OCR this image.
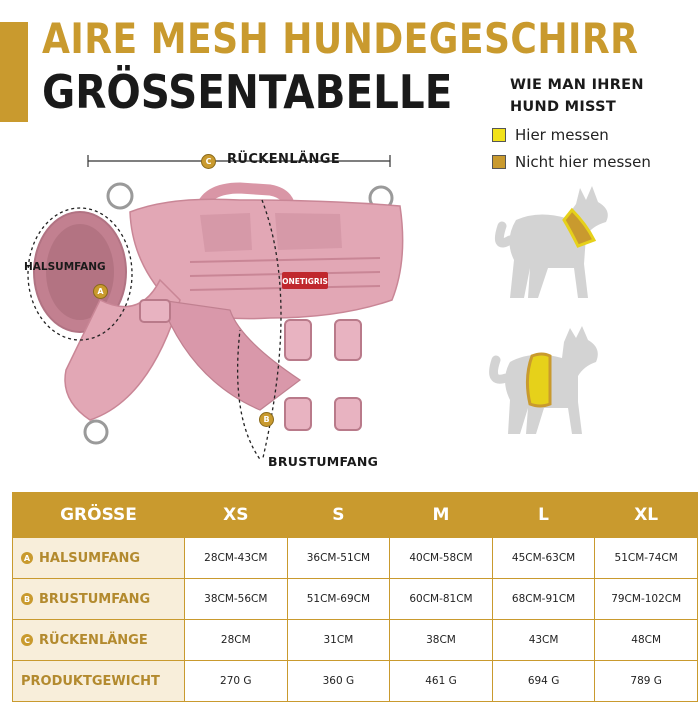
AIRE MESH HUNDEGESCHIRR
GRÖSSENTABELLE	WIE MAN IHREN
HUND MISST
Hier messen
Nicht hier messen
ONETIGRIS
RÜCKENLÄNGE
C
HALSUMFANG
A
BRUSTUMFANG
B
GRÖSSE	XS	S	M	L	XL
A HALSUMFANG	28CM-43CM	36CM-51CM	40CM-58CM	45CM-63CM	51CM-74CM
B BRUSTUMFANG	38CM-56CM	51CM-69CM	60CM-81CM	68CM-91CM	79CM-102CM
C RÜCKENLÄNGE	28CM	31CM	38CM	43CM	48CM
PRODUKTGEWICHT	270 G	360 G	461 G	694 G	789 G
